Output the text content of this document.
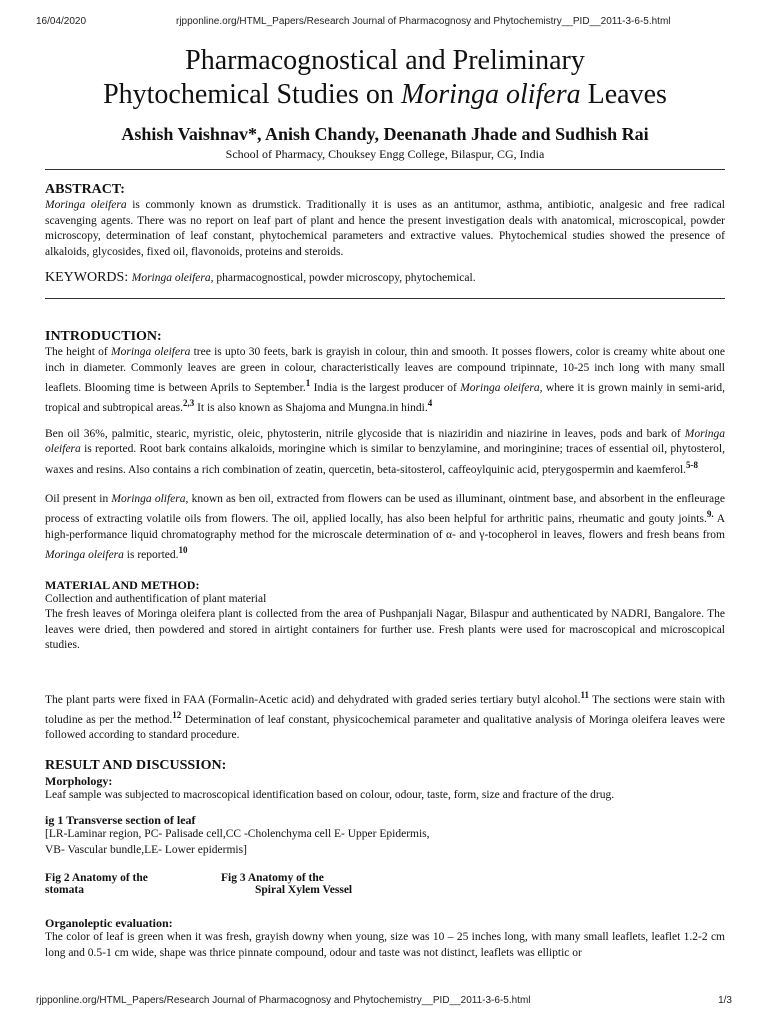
16/04/2020	rjpponline.org/HTML_Papers/Research Journal of Pharmacognosy and Phytochemistry__PID__2011-3-6-5.html
Pharmacognostical and Preliminary
Phytochemical Studies on Moringa olifera Leaves
Ashish Vaishnav*, Anish Chandy, Deenanath Jhade and Sudhish Rai
School of Pharmacy, Chouksey Engg College, Bilaspur, CG, India
ABSTRACT:

Moringa oleifera is commonly known as drumstick. Traditionally it is uses as an antitumor, asthma, antibiotic, analgesic and free radical scavenging agents. There was no report on leaf part of plant and hence the present investigation deals with anatomical, microscopical, powder microscopy, determination of leaf constant, phytochemical parameters and extractive values. Phytochemical studies showed the presence of alkaloids, glycosides, fixed oil, flavonoids, proteins and steroids.

KEYWORDS: Moringa oleifera, pharmacognostical, powder microscopy, phytochemical.
INTRODUCTION:

The height of Moringa oleifera tree is upto 30 feets, bark is grayish in colour, thin and smooth. It posses flowers, color is creamy white about one inch in diameter. Commonly leaves are green in colour, characteristically leaves are compound tripinnate, 10-25 inch long with many small leaflets. Blooming time is between Aprils to September.$^1$ India is the largest producer of Moringa oleifera, where it is grown mainly in semi-arid, tropical and subtropical areas.$^{2,3}$ It is also known as Shajoma and Mungna.in hindi.$^4$

Ben oil 36%, palmitic, stearic, myristic, oleic, phytosterin, nitrile glycoside that is niaziridin and niazirine in leaves, pods and bark of Moringa oleifera is reported. Root bark contains alkaloids, moringine which is similar to benzylamine, and moringinine; traces of essential oil, phytosterol, waxes and resins. Also contains a rich combination of zeatin, quercetin, beta-sitosterol, caffeoylquinic acid, pterygospermin and kaemferol.$^{5-8}$

Oil present in Moringa olifera, known as ben oil, extracted from flowers can be used as illuminant, ointment base, and absorbent in the enfleurage process of extracting volatile oils from flowers. The oil, applied locally, has also been helpful for arthritic pains, rheumatic and gouty joints.$^{9.}$ A high-performance liquid chromatography method for the microscale determination of α- and γ-tocopherol in leaves, flowers and fresh beans from Moringa oleifera is reported.$^{10}$

MATERIAL AND METHOD:

Collection and authentification of plant material

The fresh leaves of Moringa oleifera plant is collected from the area of Pushpanjali Nagar, Bilaspur and authenticated by NADRI, Bangalore. The leaves were dried, then powdered and stored in airtight containers for further use. Fresh plants were used for macroscopical and microscopical studies.

The plant parts were fixed in FAA (Formalin-Acetic acid) and dehydrated with graded series tertiary butyl alcohol.$^{11}$ The sections were stain with toludine as per the method.$^{12}$ Determination of leaf constant, physicochemical parameter and qualitative analysis of Moringa oleifera leaves were followed according to standard procedure.

RESULT AND DISCUSSION:
Morphology:

Leaf sample was subjected to macroscopical identification based on colour, odour, taste, form, size and fracture of the drug.

ig 1 Transverse section of leaf

[LR-Laminar region, PC- Palisade cell,CC -Cholenchyma cell E- Upper Epidermis,

VB- Vascular bundle,LE- Lower epidermis]

Fig 2 Anatomy of the
stomata
Fig 3 Anatomy of the
Spiral Xylem Vessel
Organoleptic evaluation:

The color of leaf is green when it was fresh, grayish downy when young, size was 10 – 25 inches long, with many small leaflets, leaflet 1.2-2 cm long and 0.5-1 cm wide, shape was thrice pinnate compound, odour and taste was not distinct, leaflets was elliptic or

rjpponline.org/HTML_Papers/Research Journal of Pharmacognosy and Phytochemistry__PID__2011-3-6-5.html	1/3
